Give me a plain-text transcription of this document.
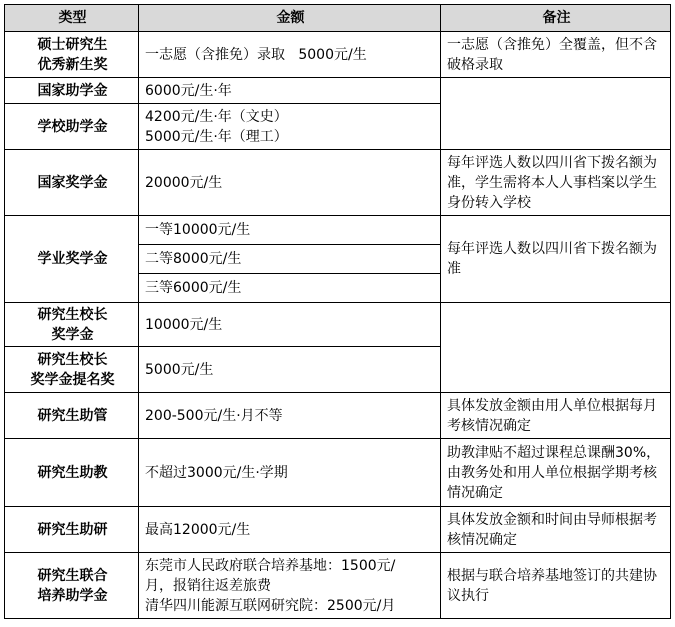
类型	金额	备注

硕士研究生
优秀新生奖	一志愿（含推免）录取   5000元/生	一志愿（含推免）全覆盖，但不含破格录取

国家助学金	6000元/生·年	

学校助学金	4200元/生·年（文史）
5000元/生·年（理工）	

国家奖学金	20000元/生	每年评选人数以四川省下拨名额为准，学生需将本人人事档案以学生身份转入学校

学业奖学金	一等10000元/生	每年评选人数以四川省下拨名额为准

	二等8000元/生	
	三等6000元/生	

研究生校长
奖学金	10000元/生	

研究生校长
奖学金提名奖	5000元/生	
研究生助管	200-500元/生·月不等	具体发放金额由用人单位根据每月考核情况确定

研究生助教	不超过3000元/生·学期	助教津贴不超过课程总课酬30%，由教务处和用人单位根据学期考核情况确定

研究生助研	最高12000元/生	具体发放金额和时间由导师根据考核情况确定

研究生联合
培养助学金	东莞市人民政府联合培养基地：1500元/
月，报销往返差旅费
清华四川能源互联网研究院：2500元/月	根据与联合培养基地签订的共建协议执行
